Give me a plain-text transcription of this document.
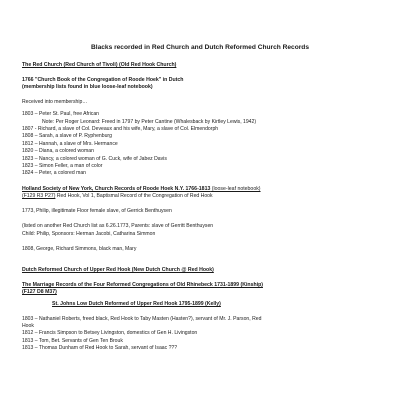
Blacks recorded in Red Church and Dutch Reformed Church Records

The Red Church (Red Church of Tivoli) (Old Red Hook Church)

1766 "Church Book of the Congregation of Roode Hoek" in Dutch

(membership lists found in blue loose-leaf notebook)

Received into membership…

1803 – Peter St. Paul, free African

Note: Per Roger Leonard: Freed in 1797 by Peter Cantine (Whalesback by Kirtley Lewis, 1942)

1807 - Richard, a slave of Col. Deveaux and his wife, Mary, a slave of Col. Elmendorph

1808 – Sarah, a slave of P. Ryphenburg

1812 – Hannah, a slave of Mrs. Hermance

1820 – Diana, a colored woman

1823 – Nancy, a colored woman of G. Cuck, wife of Jabez Davis

1823 – Simon Feller, a man of color

1824 – Peter, a colored man

Holland Society of New York, Church Records of Roode Hoek N.Y. 1766-1813 (loose-leaf notebook)

(F129 R3 P27) Red Hook, Vol 1, Baptismal Record of the Congregation of Red Hook

1773, Philip, illegitimate Floor female slave, of Gerrick Benthuysen

(listed on another Red Church list as 6.26.1773, Parents: slave of Gerritt Benthuysen

Child: Philip, Sponsors: Herman Jacobi, Catharina Simmon

1808, George, Richard Simmons, black man, Mary

Dutch Reformed Church of Upper Red Hook (New Dutch Church @ Red Hook)

The Marriage Records of the Four Reformed Congregations of Old Rhinebeck 1731-1899 (Kinship)

(F127 D8 M37)

St. Johns Low Dutch Reformed of Upper Red Hook 1795-1899 (Kelly)

1803 – Nathaniel Roberts, freed black, Red Hook to Taby Masten (Hasten?), servant of Mr. J. Parson, Red

Hook

1812 – Francis Simpson to Betsey Livingston, domestics of Gen H. Livingston

1813 – Tom, Bet. Servants of Gen Ten Brouk

1813 – Thomas Dunham of Red Hook to Sarah, servant of Isaac ???
